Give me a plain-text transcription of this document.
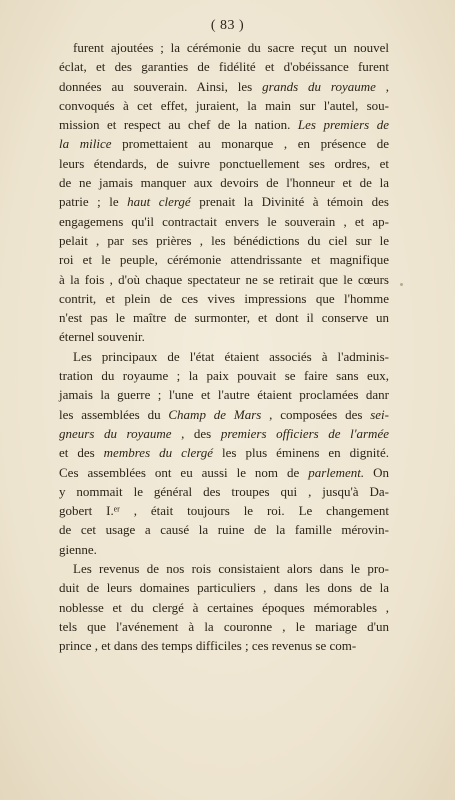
( 83 )
furent ajoutées ; la cérémonie du sacre reçut un nouvel
éclat, et des garanties de fidélité et d'obéissance furent
données au souverain. Ainsi, les grands du royaume ,
convoqués à cet effet, juraient, la main sur l'autel, sou-
mission et respect au chef de la nation. Les premiers de
la milice promettaient au monarque , en présence de
leurs étendards, de suivre ponctuellement ses ordres, et
de ne jamais manquer aux devoirs de l'honneur et de la
patrie ; le haut clergé prenait la Divinité à témoin des
engagemens qu'il contractait envers le souverain , et ap-
pelait , par ses prières , les bénédictions du ciel sur le
roi et le peuple, cérémonie attendrissante et magnifique
à la fois , d'où chaque spectateur ne se retirait que le cœurs
contrit, et plein de ces vives impressions que l'homme
n'est pas le maître de surmonter, et dont il conserve un
éternel souvenir.
Les principaux de l'état étaient associés à l'adminis-
tration du royaume ; la paix pouvait se faire sans eux,
jamais la guerre ; l'une et l'autre étaient proclamées danr
les assemblées du Champ de Mars , composées des sei-
gneurs du royaume , des premiers officiers de l'armée
et des membres du clergé les plus éminens en dignité.
Ces assemblées ont eu aussi le nom de parlement. On
y nommait le général des troupes qui , jusqu'à Da-
gobert I.ᵉʳ , était toujours le roi. Le changement
de cet usage a causé la ruine de la famille mérovin-
gienne.
Les revenus de nos rois consistaient alors dans le pro-
duit de leurs domaines particuliers , dans les dons de la
noblesse et du clergé à certaines époques mémorables ,
tels que l'avénement à la couronne , le mariage d'un
prince , et dans des temps difficiles ; ces revenus se com-
